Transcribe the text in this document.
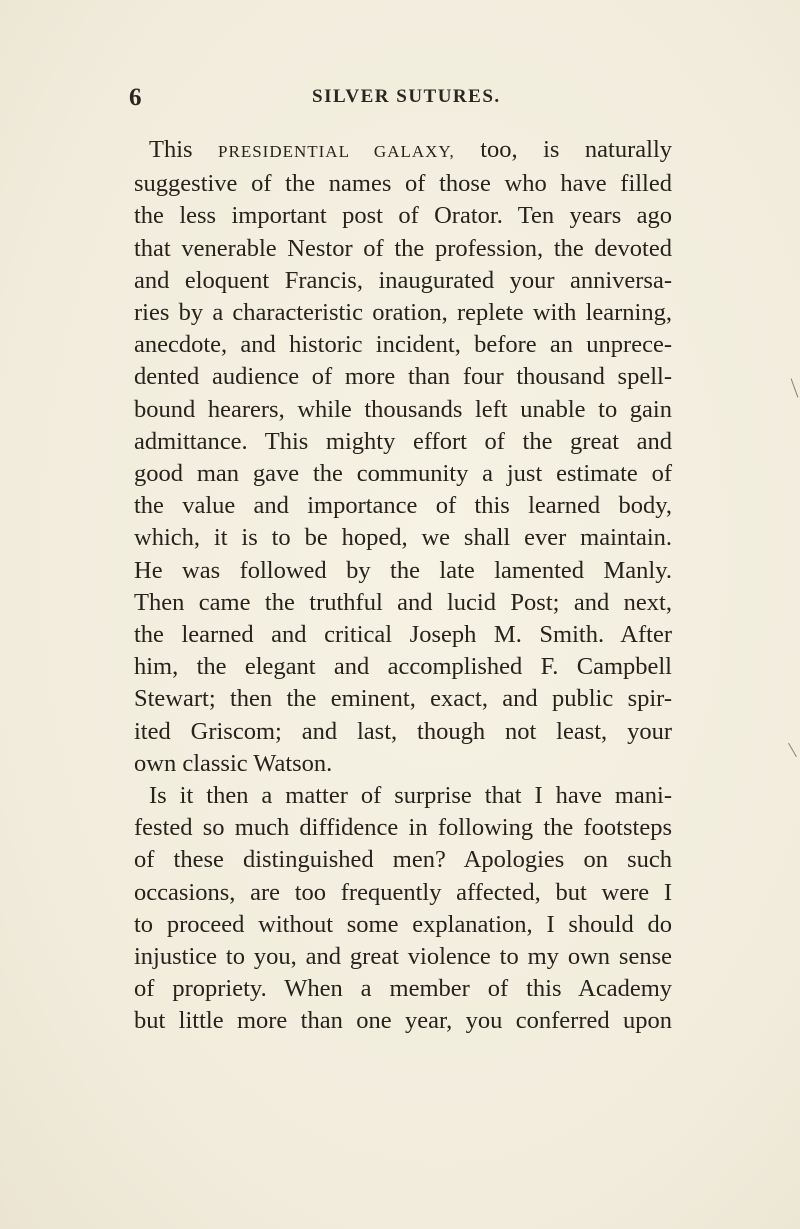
6	SILVER SUTURES.
This PRESIDENTIAL GALAXY, too, is naturally
suggestive of the names of those who have filled
the less important post of Orator. Ten years ago
that venerable Nestor of the profession, the devoted
and eloquent Francis, inaugurated your anniversa-
ries by a characteristic oration, replete with learning,
anecdote, and historic incident, before an unprece-
dented audience of more than four thousand spell-
bound hearers, while thousands left unable to gain
admittance. This mighty effort of the great and
good man gave the community a just estimate of
the value and importance of this learned body,
which, it is to be hoped, we shall ever maintain.
He was followed by the late lamented Manly.
Then came the truthful and lucid Post; and next,
the learned and critical Joseph M. Smith. After
him, the elegant and accomplished F. Campbell
Stewart; then the eminent, exact, and public spir-
ited Griscom; and last, though not least, your
own classic Watson.
Is it then a matter of surprise that I have mani-
fested so much diffidence in following the footsteps
of these distinguished men? Apologies on such
occasions, are too frequently affected, but were I
to proceed without some explanation, I should do
injustice to you, and great violence to my own sense
of propriety. When a member of this Academy
but little more than one year, you conferred upon
